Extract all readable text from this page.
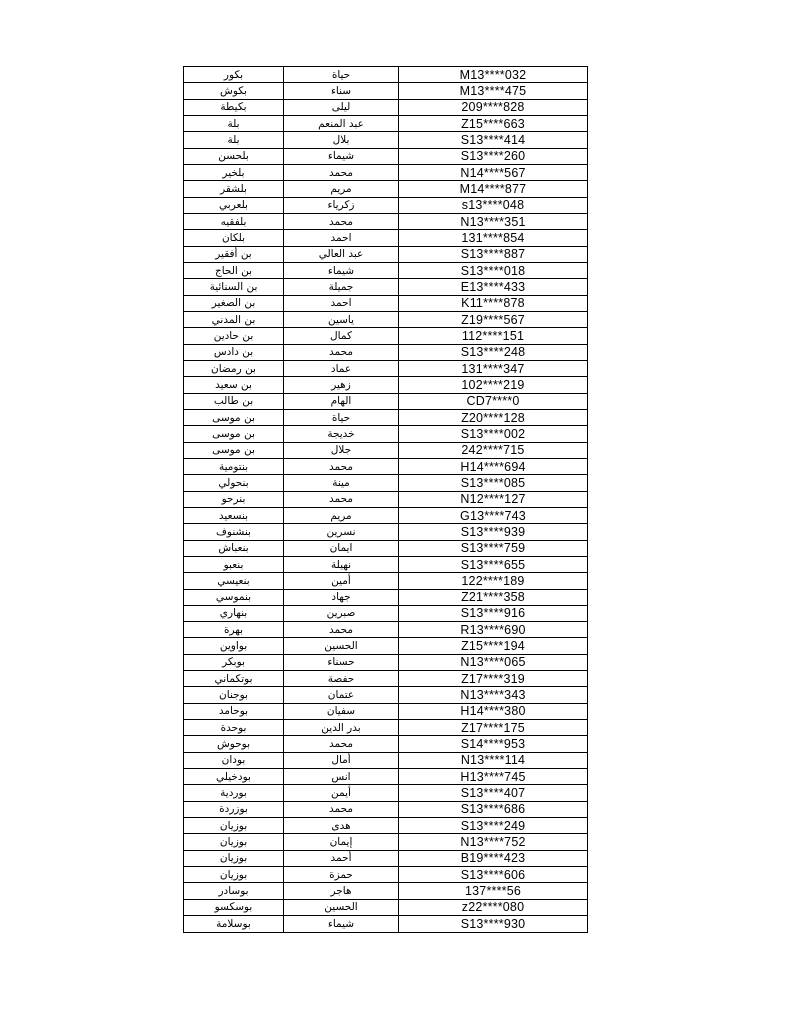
بكور	حياة	M13****032
بكوش	سناء	M13****475
بكيطة	ليلى	209****828
بلة	عبد المنعم	Z15****663
بلة	بلال	S13****414
بلحسن	شيماء	S13****260
بلخير	محمد	N14****567
بلشقر	مريم	M14****877
بلعربي	زكرياء	s13****048
بلفقيه	محمد	N13****351
بلكان	احمد	131****854
بن أفقير	عبد العالي	S13****887
بن الحاج	شيماء	S13****018
بن السنائية	جميلة	E13****433
بن الصغير	احمد	K11****878
بن المدني	ياسين	Z19****567
بن حادين	كمال	112****151
بن دادس	محمد	S13****248
بن رمضان	عماد	131****347
بن سعيد	زهير	102****219
بن طالب	الهام	CD7****0
بن موسى	حياة	Z20****128
بن موسى	خديجة	S13****002
بن موسى	جلال	242****715
بنتومية	محمد	H14****694
بنحولي	مينة	S13****085
بنرحو	محمد	N12****127
بنسعيد	مريم	G13****743
بنشنوف	نسرين	S13****939
بنعباش	ايمان	S13****759
بنعبو	نهيلة	S13****655
بنعيسي	أمين	122****189
بنموسي	جهاد	Z21****358
بنهاري	صبرين	S13****916
بهرة	محمد	R13****690
بواوين	الحسين	Z15****194
بوبكر	حسناء	N13****065
بوتكماني	حفصة	Z17****319
بوجنان	عتمان	N13****343
بوحامد	سفيان	H14****380
بوحدة	بدر الدين	Z17****175
بوحوش	محمد	S14****953
بودان	أمال	N13****114
بودخيلي	انس	H13****745
بوردية	أيمن	S13****407
بوزردة	محمد	S13****686
بوزيان	هدى	S13****249
بوزيان	إيمان	N13****752
بوزيان	أحمد	B19****423
بوزيان	حمزة	S13****606
بوسادر	هاجر	137****56
بوسكسو	الحسين	z22****080
بوسلامة	شيماء	S13****930
